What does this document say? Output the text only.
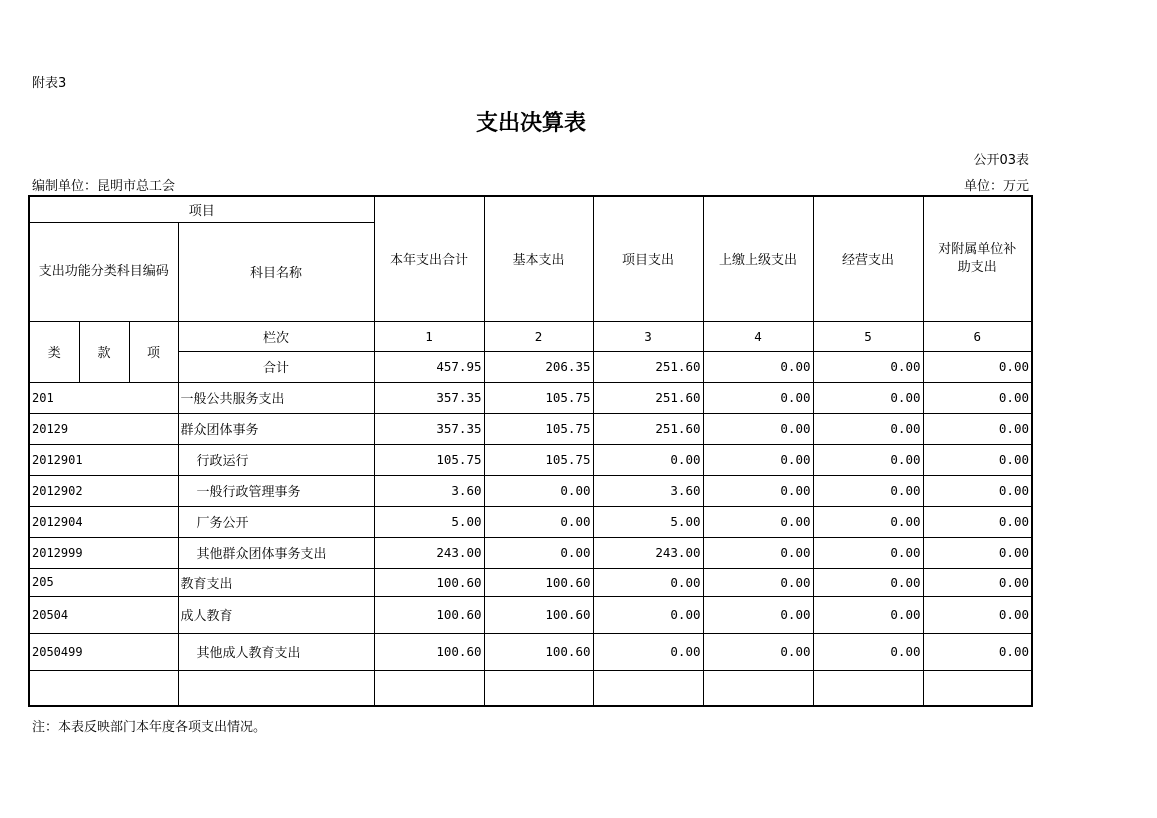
附表3
支出决算表
公开03表
编制单位：昆明市总工会	单位：万元
项目				本年支出合计	基本支出	项目支出	上缴上级支出	经营支出	对附属单位补助支出
支出功能分类科目编码			科目名称						
类	款	项	栏次	1	2	3	4	5	6
			合计	457.95	206.35	251.60	0.00	0.00	0.00
201			一般公共服务支出	357.35	105.75	251.60	0.00	0.00	0.00
20129			群众团体事务	357.35	105.75	251.60	0.00	0.00	0.00
2012901			行政运行	105.75	105.75	0.00	0.00	0.00	0.00
2012902			一般行政管理事务	3.60	0.00	3.60	0.00	0.00	0.00
2012904			厂务公开	5.00	0.00	5.00	0.00	0.00	0.00
2012999			其他群众团体事务支出	243.00	0.00	243.00	0.00	0.00	0.00
205			教育支出	100.60	100.60	0.00	0.00	0.00	0.00
20504			成人教育	100.60	100.60	0.00	0.00	0.00	0.00
2050499			其他成人教育支出	100.60	100.60	0.00	0.00	0.00	0.00

注：本表反映部门本年度各项支出情况。
